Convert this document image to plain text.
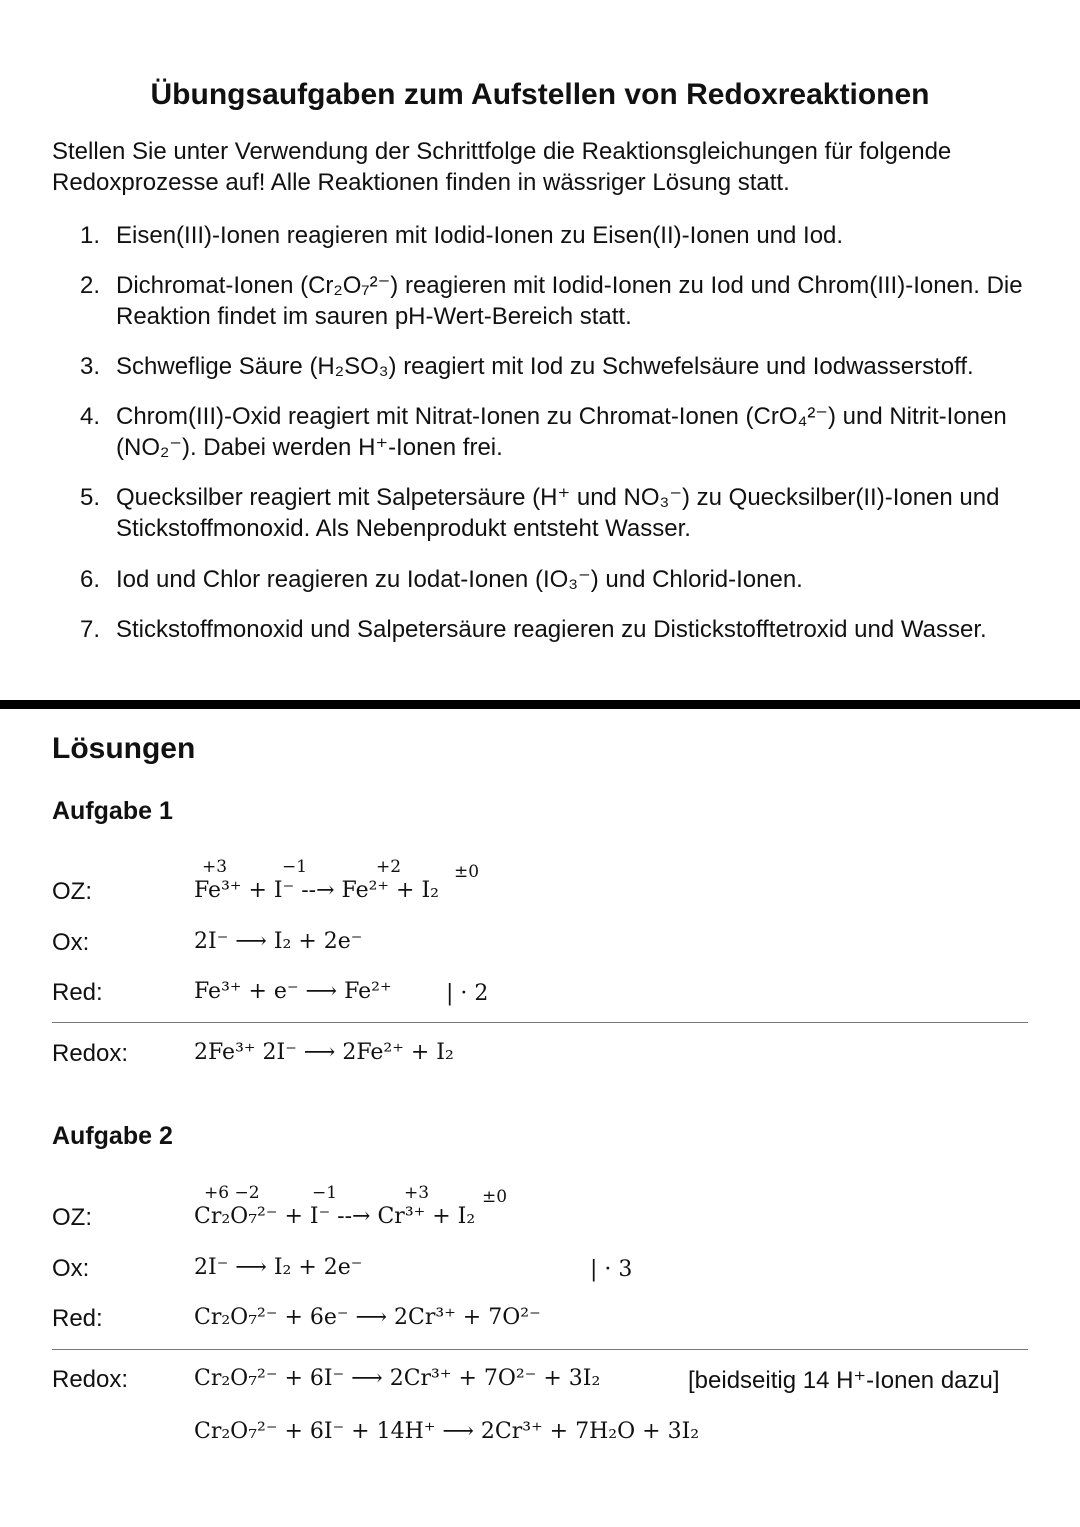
Übungsaufgaben zum Aufstellen von Redoxreaktionen
Stellen Sie unter Verwendung der Schrittfolge die Reaktionsgleichungen für folgende Redoxprozesse auf! Alle Reaktionen finden in wässriger Lösung statt.
1. Eisen(III)-Ionen reagieren mit Iodid-Ionen zu Eisen(II)-Ionen und Iod.
2. Dichromat-Ionen (Cr₂O₇²⁻) reagieren mit Iodid-Ionen zu Iod und Chrom(III)-Ionen. Die Reaktion findet im sauren pH-Wert-Bereich statt.
3. Schweflige Säure (H₂SO₃) reagiert mit Iod zu Schwefelsäure und Iodwasserstoff.
4. Chrom(III)-Oxid reagiert mit Nitrat-Ionen zu Chromat-Ionen (CrO₄²⁻) und Nitrit-Ionen (NO₂⁻). Dabei werden H⁺-Ionen frei.
5. Quecksilber reagiert mit Salpetersäure (H⁺ und NO₃⁻) zu Quecksilber(II)-Ionen und Stickstoffmonoxid. Als Nebenprodukt entsteht Wasser.
6. Iod und Chlor reagieren zu Iodat-Ionen (IO₃⁻) und Chlorid-Ionen.
7. Stickstoffmonoxid und Salpetersäure reagieren zu Distickstofftetroxid und Wasser.
Lösungen
Aufgabe 1
+3	−1	+2	±0
OZ:	Fe³⁺ + I⁻ --→ Fe²⁺ + I₂
Ox:	2I⁻ ⟶ I₂ + 2e⁻
Red:	Fe³⁺ + e⁻ ⟶ Fe²⁺ | · 2
Redox:	2Fe³⁺ 2I⁻ ⟶ 2Fe²⁺ + I₂
Aufgabe 2
+6 −2	−1	+3	±0
OZ:	Cr₂O₇²⁻ + I⁻ --→ Cr³⁺ + I₂
Ox:	2I⁻ ⟶ I₂ + 2e⁻	| · 3
Red:	Cr₂O₇²⁻ + 6e⁻ ⟶ 2Cr³⁺ + 7O²⁻
Redox:	Cr₂O₇²⁻ + 6I⁻ ⟶ 2Cr³⁺ + 7O²⁻ + 3I₂	[beidseitig 14 H⁺-Ionen dazu]
Cr₂O₇²⁻ + 6I⁻ + 14H⁺ ⟶ 2Cr³⁺ + 7H₂O + 3I₂
